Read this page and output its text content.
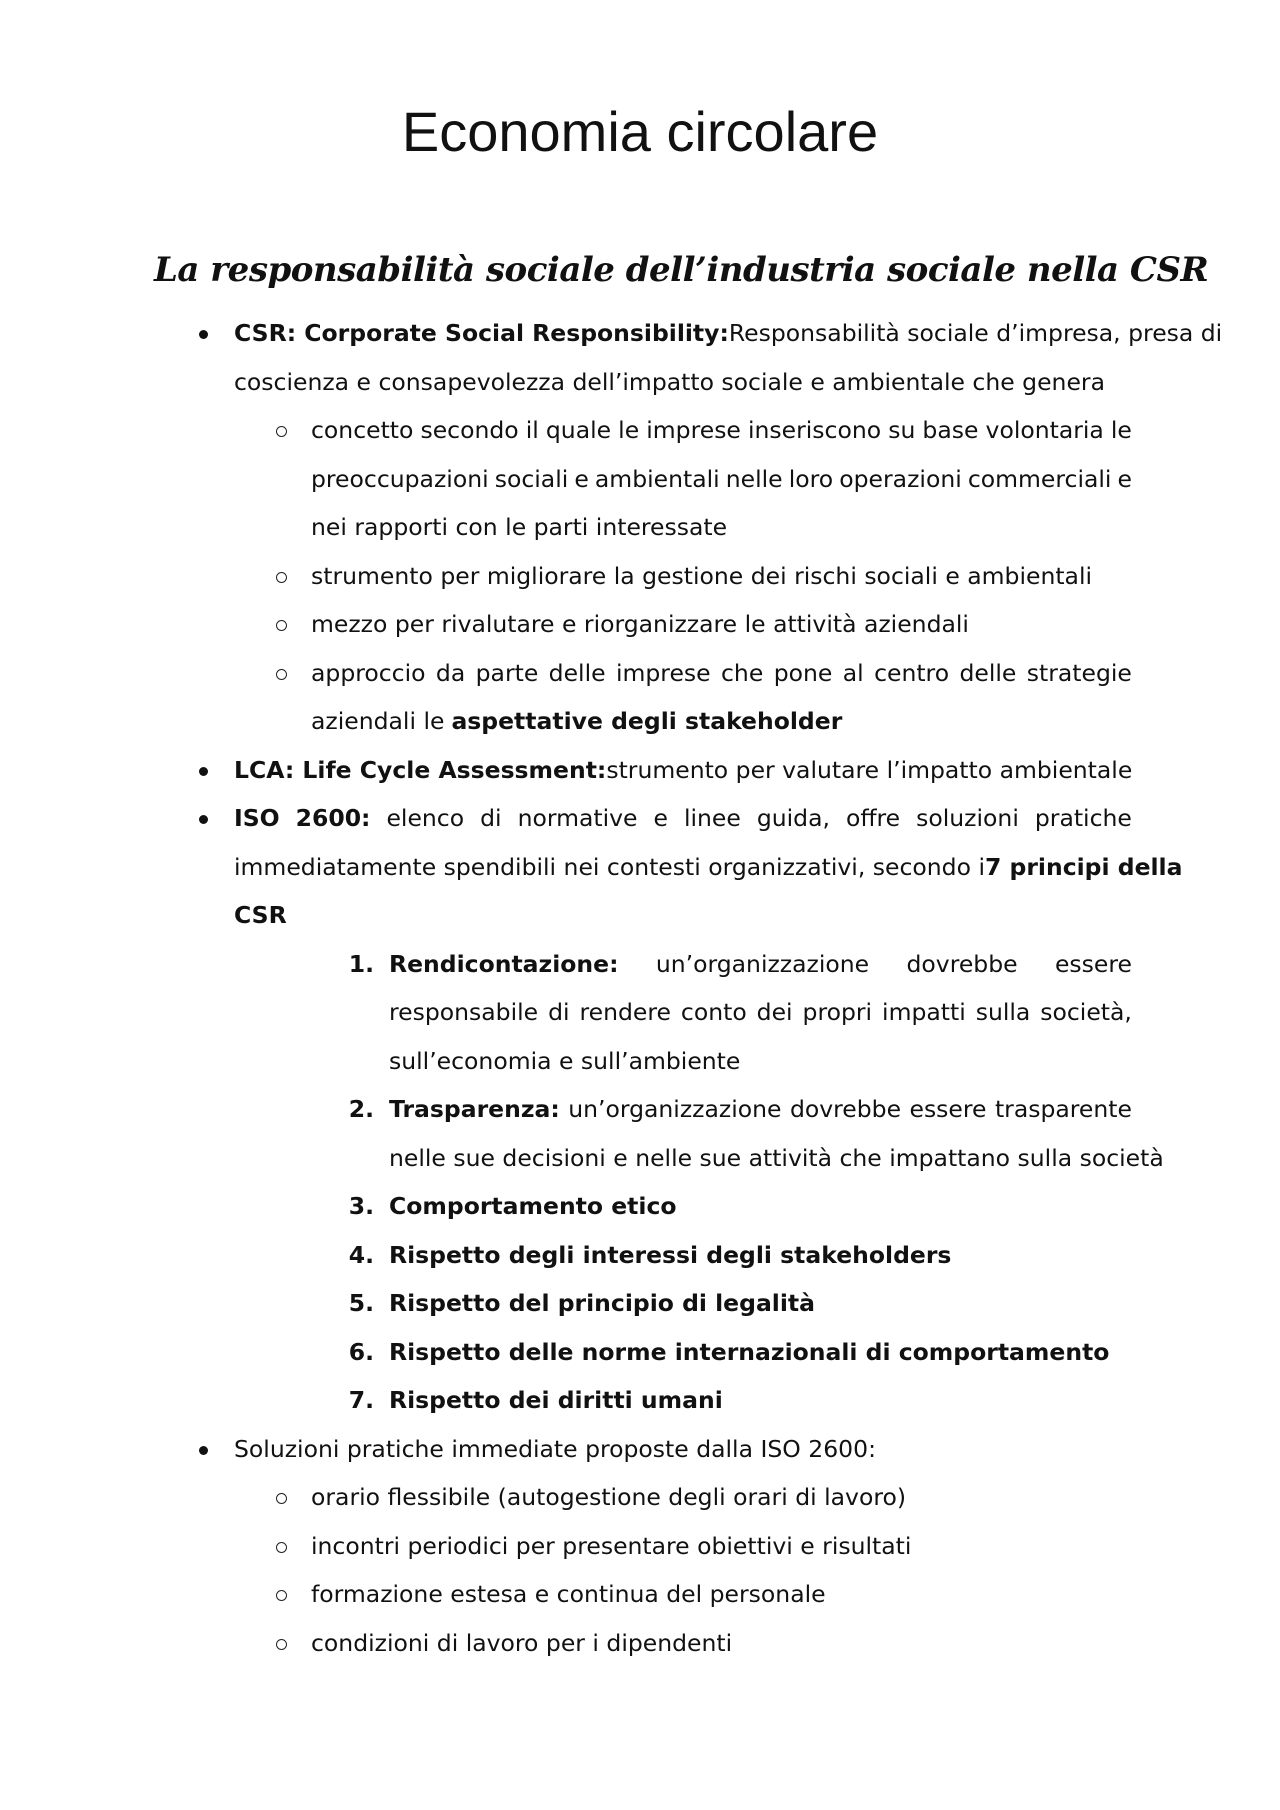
Economia circolare
La responsabilità sociale dell’industria sociale nella CSR
CSR: Corporate Social Responsibility: Responsabilità sociale d’impresa, presa di
coscienza e consapevolezza dell’impatto sociale e ambientale che genera
concetto secondo il quale le imprese inseriscono su base volontaria le
preoccupazioni sociali e ambientali nelle loro operazioni commerciali e
nei rapporti con le parti interessate
strumento per migliorare la gestione dei rischi sociali e ambientali
mezzo per rivalutare e riorganizzare le attività aziendali
approccio da parte delle imprese che pone al centro delle strategie
aziendali le aspettative degli stakeholder
LCA: Life Cycle Assessment: strumento per valutare l’impatto ambientale
ISO 2600: elenco di normative e linee guida, offre soluzioni pratiche
immediatamente spendibili nei contesti organizzativi, secondo i 7 principi della
CSR
1. Rendicontazione: un’organizzazione dovrebbe essere
responsabile di rendere conto dei propri impatti sulla società,
sull’economia e sull’ambiente
2. Trasparenza: un’organizzazione dovrebbe essere trasparente
nelle sue decisioni e nelle sue attività che impattano sulla società
3. Comportamento etico
4. Rispetto degli interessi degli stakeholders
5. Rispetto del principio di legalità
6. Rispetto delle norme internazionali di comportamento
7. Rispetto dei diritti umani
Soluzioni pratiche immediate proposte dalla ISO 2600:
orario flessibile (autogestione degli orari di lavoro)
incontri periodici per presentare obiettivi e risultati
formazione estesa e continua del personale
condizioni di lavoro per i dipendenti
